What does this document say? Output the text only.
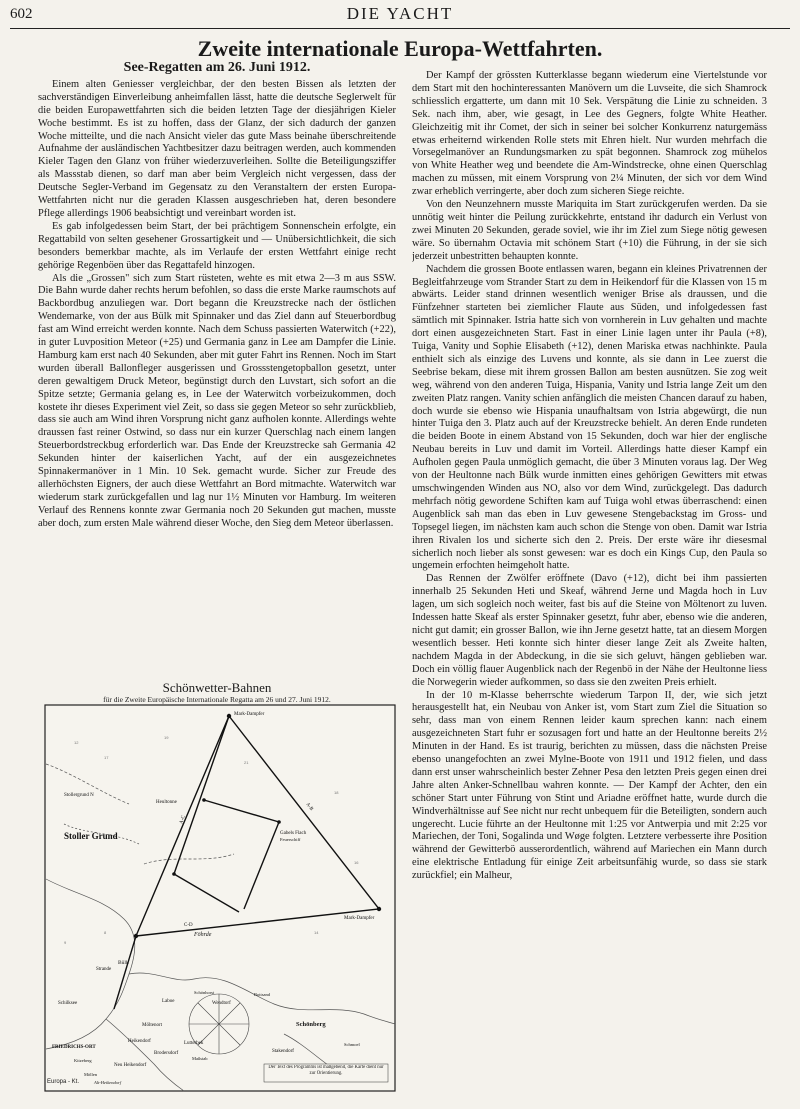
602	DIE YACHT
Zweite internationale Europa-Wettfahrten.
See-Regatten am 26. Juni 1912.

Einem alten Geniesser vergleichbar, der den besten Bissen als letzten der sachverständigen Einverleibung anheimfallen lässt, hatte die deutsche Seglerwelt für die beiden Europawettfahrten sich die beiden letzten Tage der diesjährigen Kieler Woche bestimmt. Es ist zu hoffen, dass der Glanz, der sich dadurch der ganzen Woche mitteilte, und die nach Ansicht vieler das gute Mass beinahe überschreitende Aufnahme der ausländischen Yachtbesitzer dazu beitragen werden, auch kommenden Kieler Tagen den Glanz von früher wiederzuverleihen. Sollte die Beteiligungsziffer als Massstab dienen, so darf man aber beim Vergleich nicht vergessen, dass der Deutsche Segler-Verband im Gegensatz zu den Veranstaltern der ersten Europa-Wettfahrten nicht nur die geraden Klassen ausgeschrieben hat, deren besondere Pflege allerdings 1906 beabsichtigt und vereinbart worden ist.

Es gab infolgedessen beim Start, der bei prächtigem Sonnenschein erfolgte, ein Regattabild von selten gesehener Grossartigkeit und — Unübersichtlichkeit, die sich besonders bemerkbar machte, als im Verlaufe der ersten Wettfahrt einige recht gehörige Regenböen über das Regattafeld hinzogen.

Als die „Grossen" sich zum Start rüsteten, wehte es mit etwa 2—3 m aus SSW. Die Bahn wurde daher rechts herum befohlen, so dass die erste Marke raumschots auf Backbordbug anzuliegen war. Dort begann die Kreuzstrecke nach der östlichen Wendemarke, von der aus Bülk mit Spinnaker und das Ziel dann auf Steuerbordbug fast am Wind erreicht werden konnte. Nach dem Schuss passierten Waterwitch (+22), in guter Luvposition Meteor (+25) und Germania ganz in Lee am Dampfer die Linie. Hamburg kam erst nach 40 Sekunden, aber mit guter Fahrt ins Rennen. Noch im Start wurden überall Ballonfleger ausgerissen und Grossstengetopballon gesetzt, unter deren gewaltigem Druck Meteor, begünstigt durch den Luvstart, sich sofort an die Spitze setzte; Germania gelang es, in Lee der Waterwitch vorbeizukommen, doch kostete ihr dieses Experiment viel Zeit, so dass sie gegen Meteor so sehr zurückblieb, dass sie auch am Wind ihren Vorsprung nicht ganz aufholen konnte. Allerdings wehte draussen fast reiner Ostwind, so dass nur ein kurzer Querschlag nach einem langen Steuerbordstreckbug erforderlich war. Das Ende der Kreuzstrecke sah Germania 42 Sekunden hinter der kaiserlichen Yacht, auf der ein ausgezeichnetes Spinnakermanöver in 1 Min. 10 Sek. gemacht wurde. Sicher zur Freude des allerhöchsten Eigners, der auch diese Wettfahrt an Bord mitmachte. Waterwitch war wiederum stark zurückgefallen und lag nur 1½ Minuten vor Hamburg. Im weiteren Verlauf des Rennens konnte zwar Germania noch 20 Sekunden gut machen, musste aber doch, zum ersten Male während dieser Woche, den Sieg dem Meteor überlassen.

Der Kampf der grössten Kutterklasse begann wiederum eine Viertelstunde vor dem Start mit den hochinteressanten Manövern um die Luvseite, die sich Shamrock schliesslich ergatterte, um dann mit 10 Sek. Verspätung die Linie zu schneiden. 3 Sek. nach ihm, aber, wie gesagt, in Lee des Gegners, folgte White Heather. Gleichzeitig mit ihr Comet, der sich in seiner bei solcher Konkurrenz naturgemäss etwas erheiternd wirkenden Rolle stets mit Ehren hielt. Nur wurden mehrfach die Vorsegelmanöver an Rundungsmarken zu spät begonnen. Shamrock zog mühelos von White Heather weg und beendete die Am-Windstrecke, ohne einen Querschlag machen zu müssen, mit einem Vorsprung von 2¼ Minuten, der sich vor dem Wind zwar erheblich verringerte, aber doch zum sicheren Siege reichte.

Von den Neunzehnern musste Mariquita im Start zurückgerufen werden. Da sie unnötig weit hinter die Peilung zurückkehrte, entstand ihr dadurch ein Verlust von zwei Minuten 20 Sekunden, gerade soviel, wie ihr im Ziel zum Siege nötig gewesen wäre. So übernahm Octavia mit schönem Start (+10) die Führung, in der sie sich jederzeit unbestritten behaupten konnte.

Nachdem die grossen Boote entlassen waren, begann ein kleines Privatrennen der Begleitfahrzeuge vom Strander Start zu dem in Heikendorf für die Klassen von 15 m abwärts. Leider stand drinnen wesentlich weniger Brise als draussen, und die Fünfzehner starteten bei ziemlicher Flaute aus Süden, und infolgedessen fast sämtlich mit Spinnaker. Istria hatte sich von vornherein in Luv gehalten und machte dort einen ausgezeichneten Start. Fast in einer Linie lagen unter ihr Paula (+8), Tuiga, Vanity und Sophie Elisabeth (+12), denen Mariska etwas nachhinkte. Paula enthielt sich als einzige des Luvens und konnte, als sie dann in Lee zuerst die Seebrise bekam, diese mit ihrem grossen Ballon am besten ausnützen. Sie zog weit weg, während von den anderen Tuiga, Hispania, Vanity und Istria lange Zeit um den zweiten Platz rangen. Vanity schien anfänglich die meisten Chancen darauf zu haben, doch wurde sie ebenso wie Hispania unaufhaltsam von Istria abgewürgt, die nun hinter Tuiga den 3. Platz auch auf der Kreuzstrecke behielt. An deren Ende rundeten die beiden Boote in einem Abstand von 15 Sekunden, doch war hier der englische Neubau bereits in Luv und damit im Vorteil. Allerdings hatte dieser Kampf ein Aufholen gegen Paula unmöglich gemacht, die über 3 Minuten voraus lag. Der Weg von der Heultonne nach Bülk wurde inmitten eines gehörigen Gewitters mit etwas umschwingenden Winden aus NO, also vor dem Wind, zurückgelegt. Das dadurch mehrfach nötig gewordene Schiften kam auf Tuiga wohl etwas überraschend: einen Augenblick sah man das eben in Luv gewesene Stengebackstag im Gross- und Topsegel liegen, im nächsten kam auch schon die Stenge von oben. Damit war Istria ihren Rivalen los und sicherte sich den 2. Preis. Der erste wäre ihr diesesmal sicherlich noch lieber als sonst gewesen: war es doch ein Kings Cup, den Paula so ungemein erfochten heimgeholt hatte.

Das Rennen der Zwölfer eröffnete (Davo (+12), dicht bei ihm passierten innerhalb 25 Sekunden Heti und Skeaf, während Jerne und Magda hoch in Luv lagen, um sich sogleich noch weiter, fast bis auf die Steine von Möltenort zu luven. Indessen hatte Skeaf als erster Spinnaker gesetzt, fuhr aber, ebenso wie die anderen, nicht gut damit; ein grosser Ballon, wie ihn Jerne gesetzt hatte, tat an diesem Morgen wesentlich besser. Heti konnte sich hinter dieser lange Zeit als Zweite halten, nachdem Magda in der Abdeckung, in die sie sich geluvt, hängen geblieben war. Doch ein völlig flauer Augenblick nach der Regenbö in der Nähe der Heultonne liess die Norwegerin wieder aufkommen, so dass sie den zweiten Preis erhielt.

In der 10 m-Klasse beherrschte wiederum Tarpon II, der, wie sich jetzt herausgestellt hat, ein Neubau von Anker ist, vom Start zum Ziel die Situation so sehr, dass man von einem Rennen leider kaum sprechen kann: nach einem ausgezeichneten Start fuhr er sozusagen fort und hatte an der Heultonne bereits 2½ Minuten in der Hand. Es ist traurig, berichten zu müssen, dass die nächsten Preise ebenso unangefochten an zwei Mylne-Boote von 1911 und 1912 fielen, und dass dann erst unser wahrscheinlich bester Zehner Pesa den letzten Preis gegen einen drei Jahre alten Anker-Schnellbau wahren konnte. — Der Kampf der Achter, den ein schöner Start unter Führung von Stint und Ariadne eröffnet hatte, wurde durch die Windverhältnisse auf See nicht nur recht unbequem für die Beteiligten, sondern auch ungerecht. Lucie führte an der Heultonne mit 1:25 vor Antwerpia und mit 2:25 vor Mariechen, der Toni, Sogalinda und Wøge folgten. Letztere verbesserte ihre Position während der Gewitterbö ausserordentlich, während auf Mariechen ein Mann durch eine elektrische Entladung für einige Zeit arbeitsunfähig wurde, so dass sie stark zurückfiel; ein Malheur,

Schönwetter-Bahnen
für die Zweite Europäische Internationale Regatta am 26 und 27. Juni 1912.
12
17
19
21
18
16
14
9
8
Mark-Dampfer
Mark-Dampfer
Stollergrund N
Stoller Grund
Heultonne
Gabels Flach
Feuerschiff
Bülk
Föhrde
Strande
Schilksee
FRIEDRICHS-ORT
Möltenort
Heikendorf
Laboe
Schönberg
Stakendorf
Brodersdorf
Lutterbek
Wendtorf
Neu Heikendorf
Schönhorst	Bottsand
Kitzeberg
Schmoel
Möllen
Alt-Heikendorf
Maßstab
A-B
A-C
C-D
Der Text des Programms ist maßgebend, die Karte dient nur zur Orientierung.
Europa - Kt.
